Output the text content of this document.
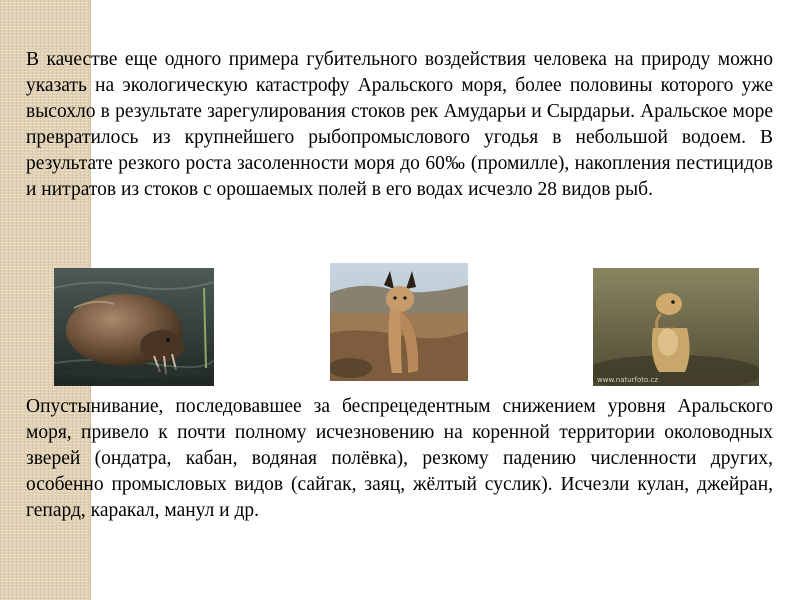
В качестве еще одного примера губительного воздействия человека на природу можно указать на экологическую катастрофу Аральского моря, более половины которого уже высохло в результате зарегулирования стоков рек Амударьи и Сырдарьи. Аральское море превратилось из крупнейшего рыбопромыслового угодья в небольшой водоем. В результате резкого роста засоленности моря до 60‰ (промилле), накопления пестицидов и нитратов из стоков с орошаемых полей в его водах исчезло 28 видов рыб.

www.naturfoto.cz

Опустынивание, последовавшее за беспрецедентным снижением уровня Аральского моря, привело к почти полному исчезновению на коренной территории околоводных зверей (ондатра, кабан, водяная полёвка), резкому падению численности других, особенно промысловых видов (сайгак, заяц, жёлтый суслик). Исчезли кулан, джейран, гепард, каракал, манул и др.
